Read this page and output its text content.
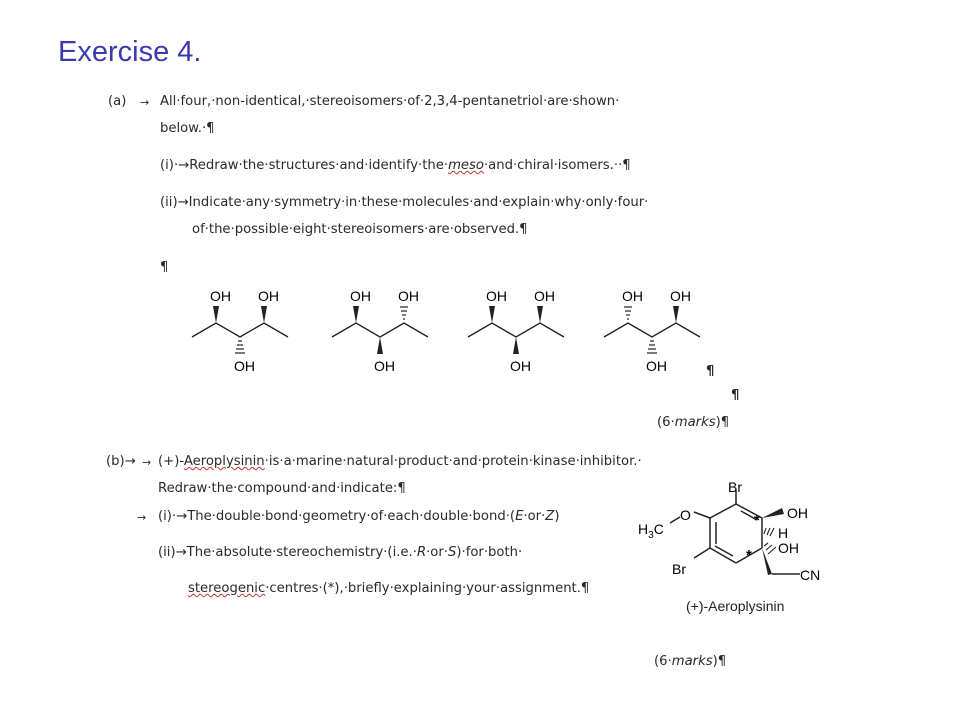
Exercise 4.
(a) → All·four,·non-identical,·stereoisomers·of·2,3,4-pentanetriol·are·shown·
below.·¶
(i)·→Redraw·the·structures·and·identify·the·meso·and·chiral·isomers.··¶
(ii)→Indicate·any·symmetry·in·these·molecules·and·explain·why·only·four·
of·the·possible·eight·stereoisomers·are·observed.¶
¶
OH OH
OH
OH OH
OH
OH OH
OH
OH OH
OH	¶
¶
(6·marks)¶
(b)→ → (+)-Aeroplysinin·is·a·marine·natural·product·and·protein·kinase·inhibitor.·
Redraw·the·compound·and·indicate:¶
→ (i)·→The·double·bond·geometry·of·each·double·bond·(E·or·Z)
(ii)→The·absolute·stereochemistry·(i.e.·R·or·S)·for·both·
stereogenic·centres·(*),·briefly·explaining·your·assignment.¶
Br
OH
H
OH
$H_3C$
O
Br	CN
*
*
(+)-Aeroplysinin
(6·marks)¶
